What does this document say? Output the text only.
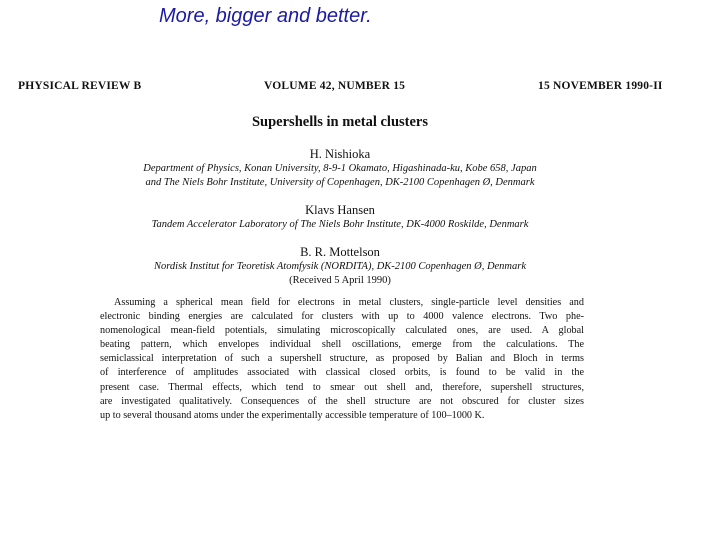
More, bigger and better.
PHYSICAL REVIEW B	VOLUME 42, NUMBER 15	15 NOVEMBER 1990-II
Supershells in metal clusters
H. Nishioka
Department of Physics, Konan University, 8-9-1 Okamato, Higashinada-ku, Kobe 658, Japan
and The Niels Bohr Institute, University of Copenhagen, DK-2100 Copenhagen Ø, Denmark
Klavs Hansen
Tandem Accelerator Laboratory of The Niels Bohr Institute, DK-4000 Roskilde, Denmark
B. R. Mottelson
Nordisk Institut for Teoretisk Atomfysik (NORDITA), DK-2100 Copenhagen Ø, Denmark
(Received 5 April 1990)
Assuming a spherical mean field for electrons in metal clusters, single-particle level densities and
electronic binding energies are calculated for clusters with up to 4000 valence electrons. Two phe-
nomenological mean-field potentials, simulating microscopically calculated ones, are used. A global
beating pattern, which envelopes individual shell oscillations, emerge from the calculations. The
semiclassical interpretation of such a supershell structure, as proposed by Balian and Bloch in terms
of interference of amplitudes associated with classical closed orbits, is found to be valid in the
present case. Thermal effects, which tend to smear out shell and, therefore, supershell structures,
are investigated qualitatively. Consequences of the shell structure are not obscured for cluster sizes
up to several thousand atoms under the experimentally accessible temperature of 100–1000 K.
